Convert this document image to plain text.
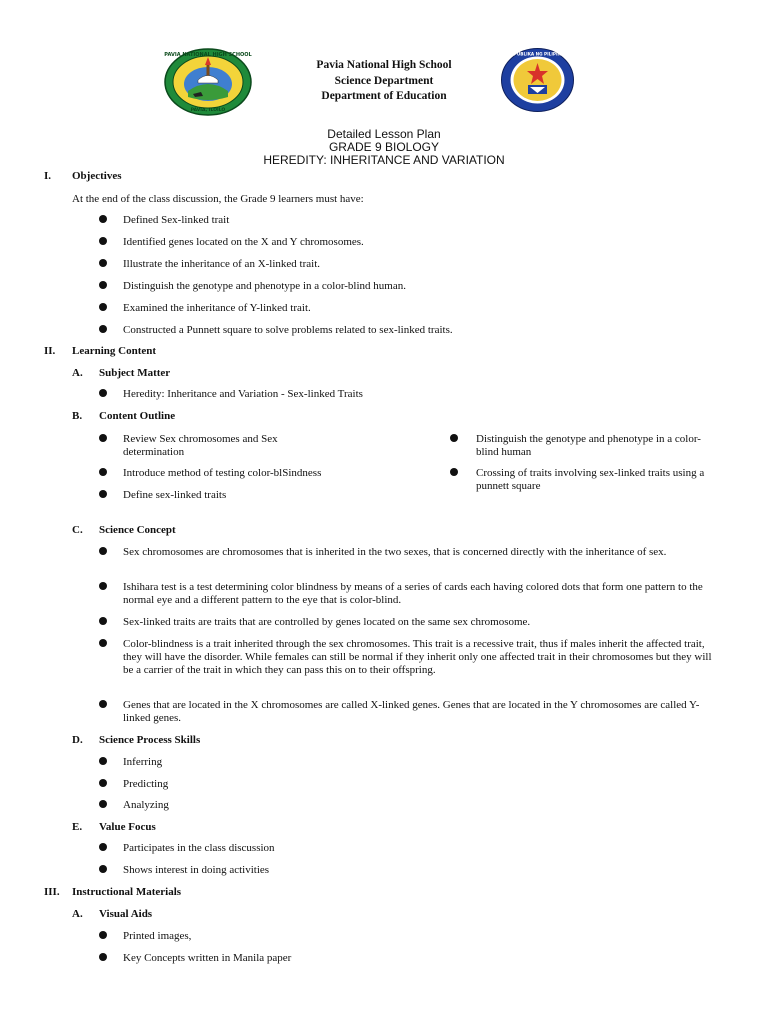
PAVIA NATIONAL HIGH SCHOOL
PAVIA, ILOILO
Pavia National High School
Science Department
Department of Education
REPUBLIKA NG PILIPINAS
Detailed Lesson Plan
GRADE 9 BIOLOGY
HEREDITY: INHERITANCE AND VARIATION
I. Objectives
At the end of the class discussion, the Grade 9 learners must have:
Defined Sex-linked trait
Identified genes located on the X and Y chromosomes.
Illustrate the inheritance of an X-linked trait.
Distinguish the genotype and phenotype in a color-blind human.
Examined the inheritance of Y-linked trait.
Constructed a Punnett square to solve problems related to sex-linked traits.
II. Learning Content
A. Subject Matter
Heredity: Inheritance and Variation - Sex-linked Traits
B. Content Outline
Review Sex chromosomes and Sex determination
Introduce method of testing color-blSindness
Define sex-linked traits
Distinguish the genotype and phenotype in a color-blind human
Crossing of traits involving sex-linked traits using a punnett square
C. Science Concept
Sex chromosomes are chromosomes that is inherited in the two sexes, that is concerned directly with the inheritance of sex.
Ishihara test is a test determining color blindness by means of a series of cards each having colored dots that form one pattern to the normal eye and a different pattern to the eye that is color-blind.
Sex-linked traits are traits that are controlled by genes located on the same sex chromosome.
Color-blindness is a trait inherited through the sex chromosomes. This trait is a recessive trait, thus if males inherit the affected trait, they will have the disorder. While females can still be normal if they inherit only one affected trait in their chromosomes but they will be a carrier of the trait in which they can pass this on to their offspring.
Genes that are located in the X chromosomes are called X-linked genes. Genes that are located in the Y chromosomes are called Y-linked genes.
D. Science Process Skills
Inferring
Predicting
Analyzing
E. Value Focus
Participates in the class discussion
Shows interest in doing activities
III. Instructional Materials
A. Visual Aids
Printed images,
Key Concepts written in Manila paper
